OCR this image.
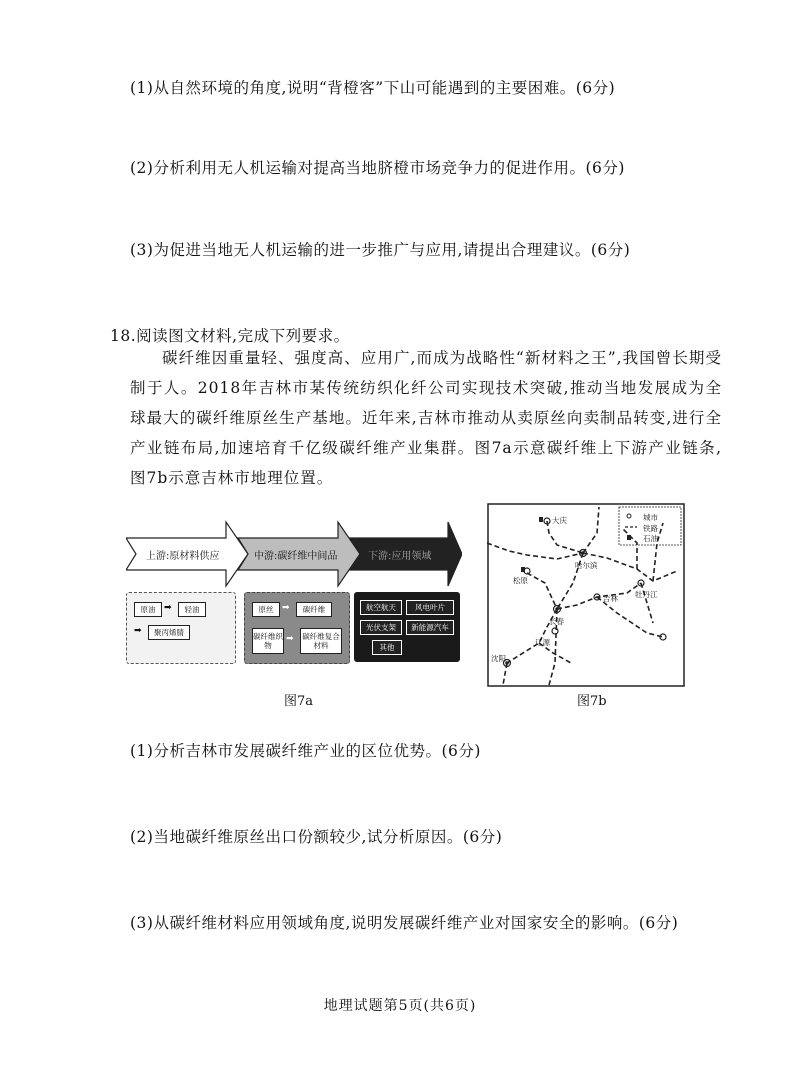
(1)从自然环境的角度,说明“背橙客”下山可能遇到的主要困难。(6分)
(2)分析利用无人机运输对提高当地脐橙市场竞争力的促进作用。(6分)
(3)为促进当地无人机运输的进一步推广与应用,请提出合理建议。(6分)
18.阅读图文材料,完成下列要求。
碳纤维因重量轻、强度高、应用广,而成为战略性“新材料之王”,我国曾长期受制于人。2018年吉林市某传统纺织化纤公司实现技术突破,推动当地发展成为全球最大的碳纤维原丝生产基地。近年来,吉林市推动从卖原丝向卖制品转变,进行全产业链布局,加速培育千亿级碳纤维产业集群。图7a示意碳纤维上下游产业链条,图7b示意吉林市地理位置。
上游:原材料供应	中游:碳纤维中间品	下游:应用领域
原油 ➡	轻油
➡	聚丙烯腈
原丝 ➡	碳纤维
碳纤维织物
➡	碳纤维复合材料
航空航天	风电叶片
光伏支架	新能源汽车
其他
图7a
城市
铁路
石油
大庆
哈尔滨
松原
吉林 牡丹江
长春
辽源
沈阳
图7b
(1)分析吉林市发展碳纤维产业的区位优势。(6分)
(2)当地碳纤维原丝出口份额较少,试分析原因。(6分)
(3)从碳纤维材料应用领域角度,说明发展碳纤维产业对国家安全的影响。(6分)
地理试题第5页(共6页)
